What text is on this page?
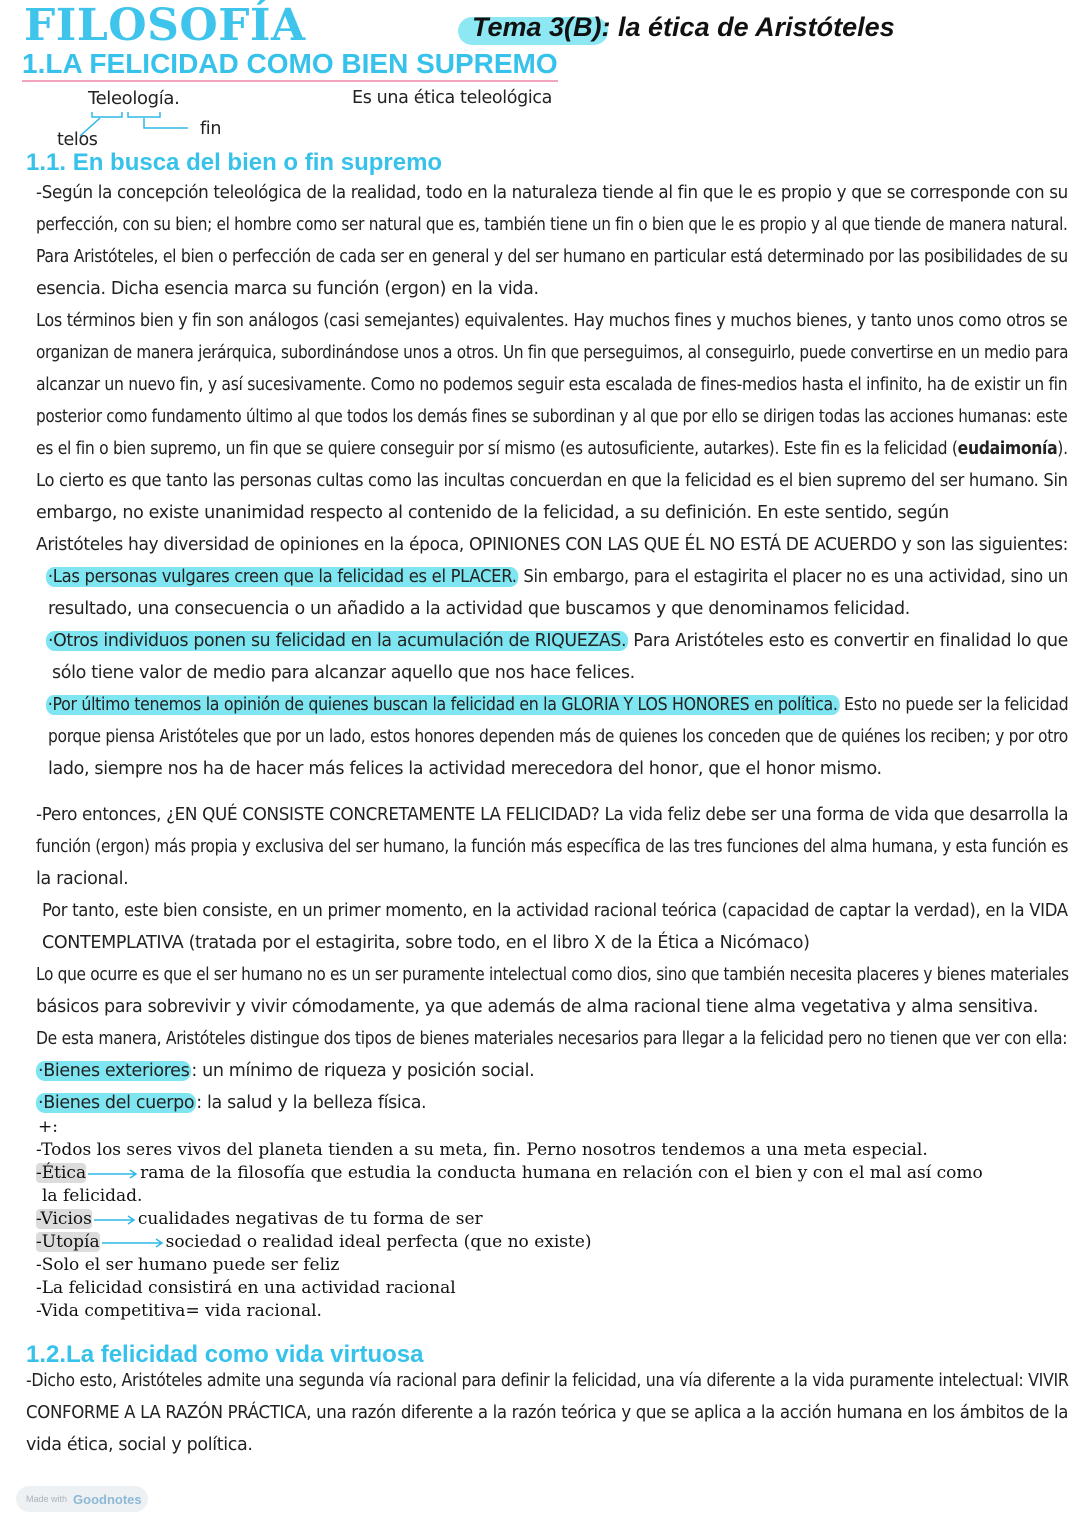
FILOSOFÍA	Tema 3(B): la ética de Aristóteles
1.LA FELICIDAD COMO BIEN SUPREMO
Teleología.	Es una ética teleológica
telos
fin
1.1. En busca del bien o fin supremo
-Según la concepción teleológica de la realidad, todo en la naturaleza tiende al fin que le es propio y que se corresponde con su
perfección, con su bien; el hombre como ser natural que es, también tiene un fin o bien que le es propio y al que tiende de manera natural.
Para Aristóteles, el bien o perfección de cada ser en general y del ser humano en particular está determinado por las posibilidades de su
esencia. Dicha esencia marca su función (ergon) en la vida.
Los términos bien y fin son análogos (casi semejantes) equivalentes. Hay muchos fines y muchos bienes, y tanto unos como otros se
organizan de manera jerárquica, subordinándose unos a otros. Un fin que perseguimos, al conseguirlo, puede convertirse en un medio para
alcanzar un nuevo fin, y así sucesivamente. Como no podemos seguir esta escalada de fines-medios hasta el infinito, ha de existir un fin
posterior como fundamento último al que todos los demás fines se subordinan y al que por ello se dirigen todas las acciones humanas: este
es el fin o bien supremo, un fin que se quiere conseguir por sí mismo (es autosuficiente, autarkes). Este fin es la felicidad (eudaimonía).
Lo cierto es que tanto las personas cultas como las incultas concuerdan en que la felicidad es el bien supremo del ser humano. Sin
embargo, no existe unanimidad respecto al contenido de la felicidad, a su definición. En este sentido, según
Aristóteles hay diversidad de opiniones en la época, OPINIONES CON LAS QUE ÉL NO ESTÁ DE ACUERDO y son las siguientes:
·Las personas vulgares creen que la felicidad es el PLACER. Sin embargo, para el estagirita el placer no es una actividad, sino un
resultado, una consecuencia o un añadido a la actividad que buscamos y que denominamos felicidad.
·Otros individuos ponen su felicidad en la acumulación de RIQUEZAS. Para Aristóteles esto es convertir en finalidad lo que
sólo tiene valor de medio para alcanzar aquello que nos hace felices.
·Por último tenemos la opinión de quienes buscan la felicidad en la GLORIA Y LOS HONORES en política. Esto no puede ser la felicidad
porque piensa Aristóteles que por un lado, estos honores dependen más de quienes los conceden que de quiénes los reciben; y por otro
lado, siempre nos ha de hacer más felices la actividad merecedora del honor, que el honor mismo.
-Pero entonces, ¿EN QUÉ CONSISTE CONCRETAMENTE LA FELICIDAD? La vida feliz debe ser una forma de vida que desarrolla la
función (ergon) más propia y exclusiva del ser humano, la función más específica de las tres funciones del alma humana, y esta función es
la racional.
Por tanto, este bien consiste, en un primer momento, en la actividad racional teórica (capacidad de captar la verdad), en la VIDA
CONTEMPLATIVA (tratada por el estagirita, sobre todo, en el libro X de la Ética a Nicómaco)
Lo que ocurre es que el ser humano no es un ser puramente intelectual como dios, sino que también necesita placeres y bienes materiales
básicos para sobrevivir y vivir cómodamente, ya que además de alma racional tiene alma vegetativa y alma sensitiva.
De esta manera, Aristóteles distingue dos tipos de bienes materiales necesarios para llegar a la felicidad pero no tienen que ver con ella:
·Bienes exteriores : un mínimo de riqueza y posición social.
·Bienes del cuerpo : la salud y la belleza física.
+:
-Todos los seres vivos del planeta tienden a su meta, fin. Perno nosotros tendemos a una meta especial.
-Ética	rama de la filosofía que estudia la conducta humana en relación con el bien y con el mal así como
la felicidad.
-Vicios	cualidades negativas de tu forma de ser
-Utopía	sociedad o realidad ideal perfecta (que no existe)
-Solo el ser humano puede ser feliz
-La felicidad consistirá en una actividad racional
-Vida competitiva= vida racional.
1.2.La felicidad como vida virtuosa
-Dicho esto, Aristóteles admite una segunda vía racional para definir la felicidad, una vía diferente a la vida puramente intelectual: VIVIR
CONFORME A LA RAZÓN PRÁCTICA, una razón diferente a la razón teórica y que se aplica a la acción humana en los ámbitos de la
vida ética, social y política.
Made with Goodnotes
